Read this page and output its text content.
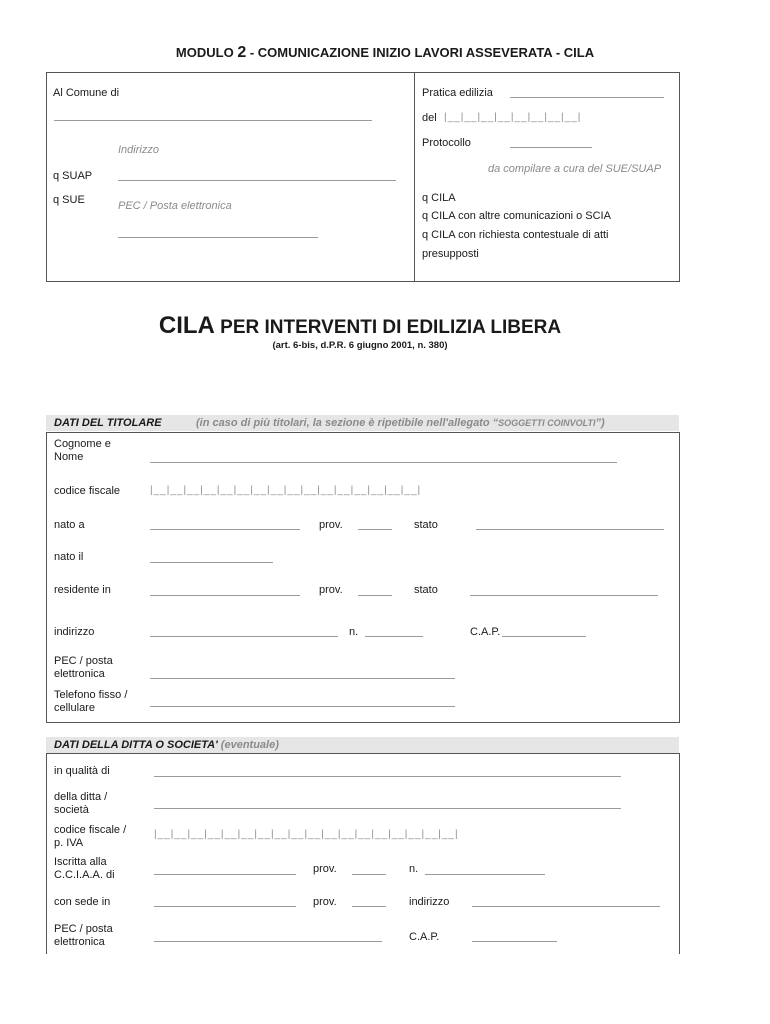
MODULO 2 - COMUNICAZIONE INIZIO LAVORI ASSEVERATA - CILA
Al Comune di
Indirizzo
q SUAP
q SUE	PEC / Posta elettronica
Pratica edilizia
del |__|__|__|__|__|__|__|__|
Protocollo
da compilare a cura del SUE/SUAP
q CILA
q CILA con altre comunicazioni o SCIA
q CILA con richiesta contestuale di atti
presupposti
CILA PER INTERVENTI DI EDILIZIA LIBERA
(art. 6-bis, d.P.R. 6 giugno 2001, n. 380)
DATI DEL TITOLARE	(in caso di più titolari, la sezione è ripetibile nell'allegato “SOGGETTI COINVOLTI”)
Cognome e
Nome
codice fiscale	|__|__|__|__|__|__|__|__|__|__|__|__|__|__|__|__|
nato a	prov.	stato
nato il
residente in	prov.	stato
indirizzo	n.	C.A.P.
PEC / posta
elettronica
Telefono fisso /
cellulare
DATI DELLA DITTA O SOCIETA' (eventuale)
in qualità di
della ditta /
società
codice fiscale /
p. IVA
|__|__|__|__|__|__|__|__|__|__|__|__|__|__|__|__|__|__|
Iscritta alla
C.C.I.A.A. di	prov.	n.
con sede in	prov.	indirizzo
PEC / posta
elettronica	C.A.P.
